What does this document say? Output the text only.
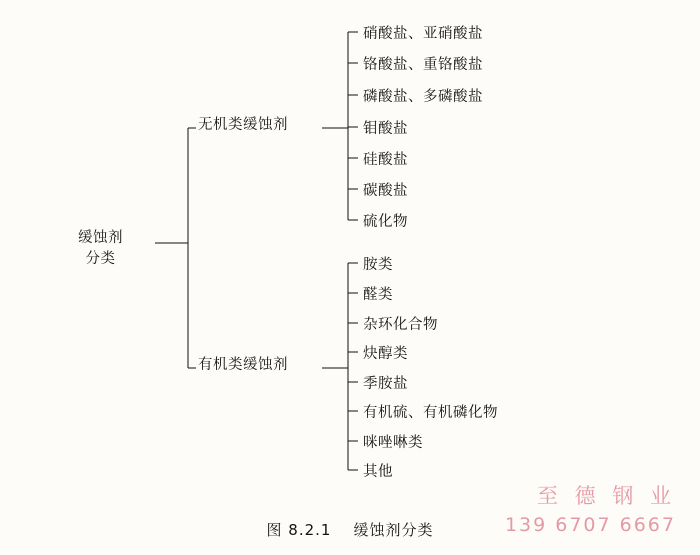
缓蚀剂
分类
无机类缓蚀剂
有机类缓蚀剂
硝酸盐、亚硝酸盐
铬酸盐、重铬酸盐
磷酸盐、多磷酸盐
钼酸盐
硅酸盐
碳酸盐
硫化物
胺类
醛类
杂环化合物
炔醇类
季胺盐
有机硫、有机磷化物
咪唑啉类
其他
图 8.2.1 缓蚀剂分类
至 德 钢 业
139 6707 6667
